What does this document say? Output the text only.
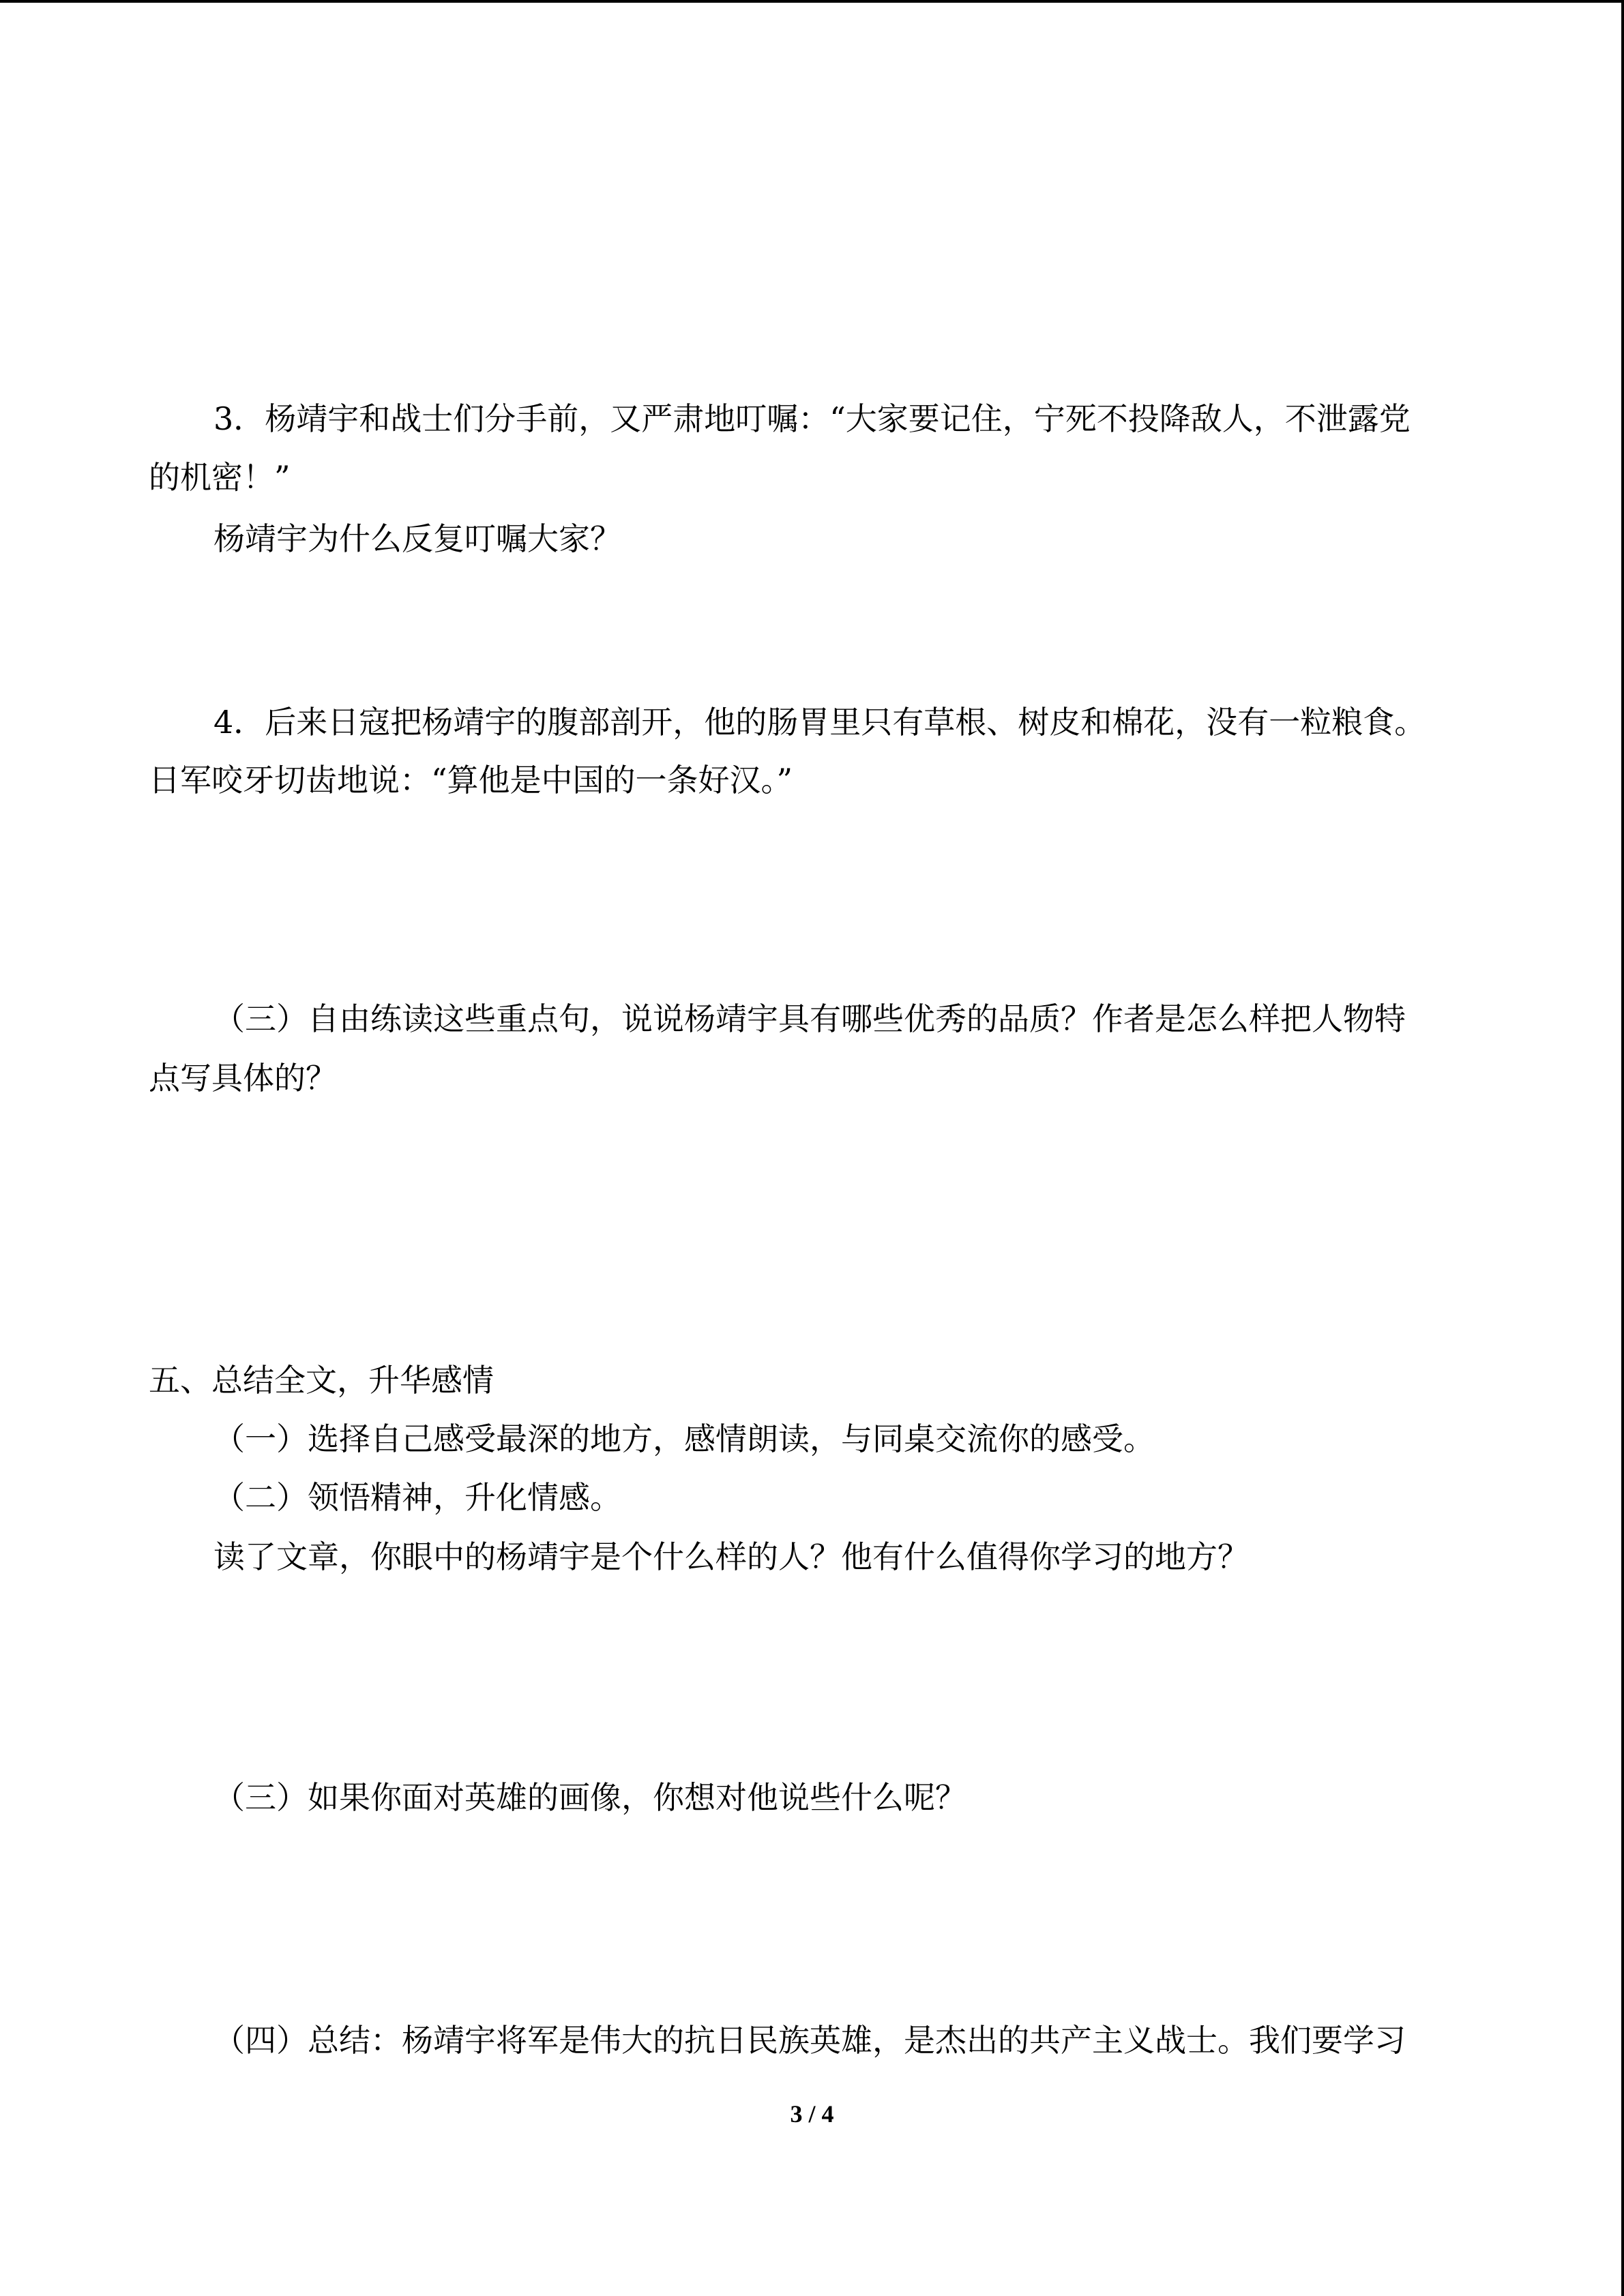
3．杨靖宇和战士们分手前，又严肃地叮嘱：“大家要记住，宁死不投降敌人，不泄露党
的机密！”
杨靖宇为什么反复叮嘱大家？
4．后来日寇把杨靖宇的腹部剖开，他的肠胃里只有草根、树皮和棉花，没有一粒粮食。
日军咬牙切齿地说：“算他是中国的一条好汉。”
（三）自由练读这些重点句，说说杨靖宇具有哪些优秀的品质？作者是怎么样把人物特
点写具体的？
五、总结全文，升华感情
（一）选择自己感受最深的地方，感情朗读，与同桌交流你的感受。
（二）领悟精神，升化情感。
读了文章，你眼中的杨靖宇是个什么样的人？他有什么值得你学习的地方？
（三）如果你面对英雄的画像，你想对他说些什么呢？
（四）总结：杨靖宇将军是伟大的抗日民族英雄，是杰出的共产主义战士。我们要学习
3 / 4
